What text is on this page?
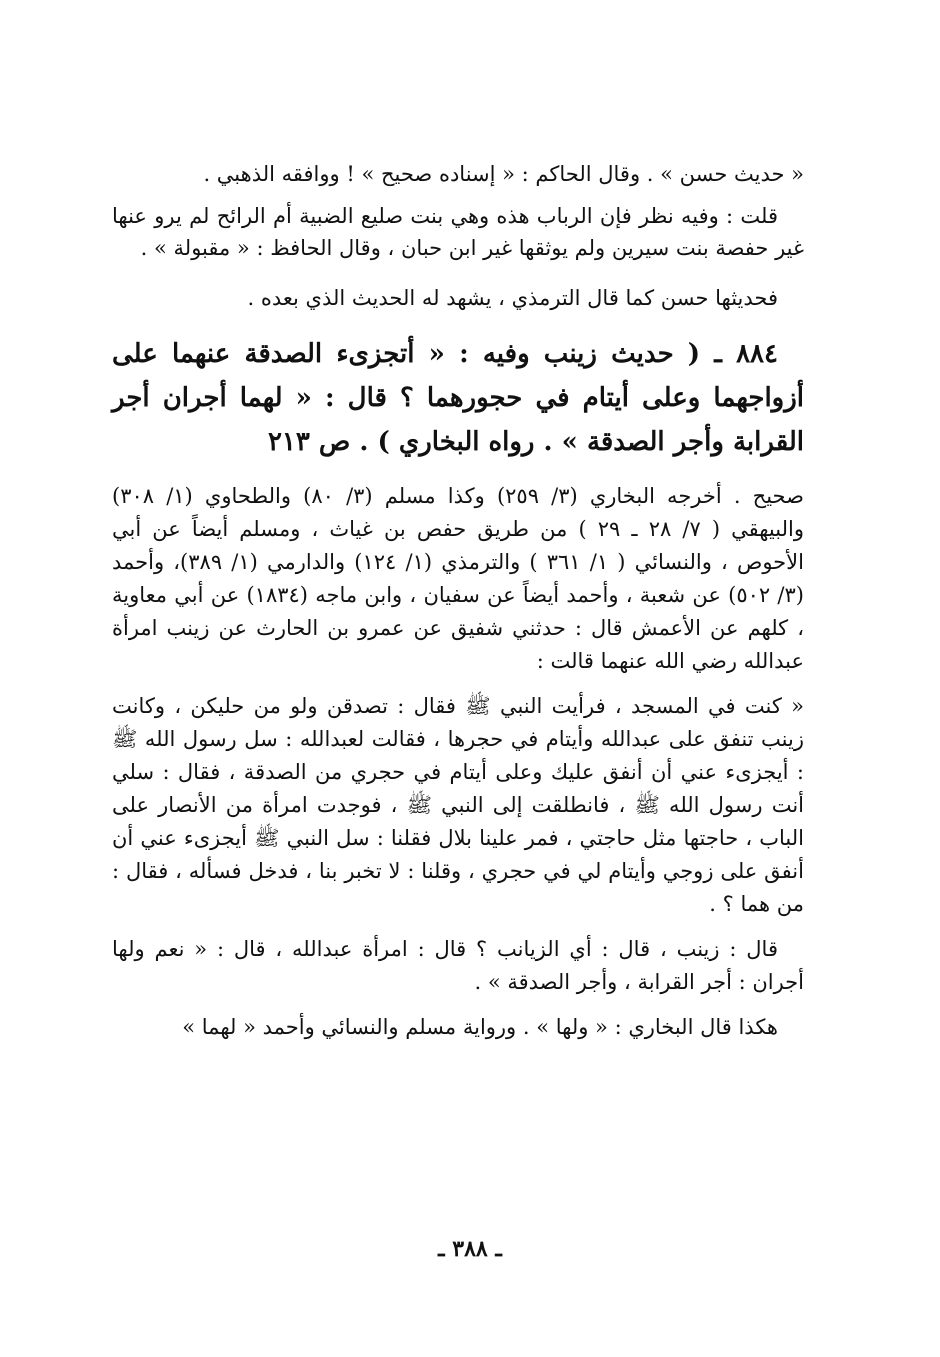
« حديث حسن » . وقال الحاكم : « إسناده صحيح » ! ووافقه الذهبي .

قلت : وفيه نظر فإن الرباب هذه وهي بنت صليع الضبية أم الرائح لم يرو عنها غير حفصة بنت سيرين ولم يوثقها غير ابن حبان ، وقال الحافظ : « مقبولة » .

فحديثها حسن كما قال الترمذي ، يشهد له الحديث الذي بعده .

٨٨٤ ـ ( حديث زينب وفيه : « أتجزىء الصدقة عنهما على أزواجهما وعلى أيتام في حجورهما ؟ قال : « لهما أجران أجر القرابة وأجر الصدقة » . رواه البخاري ) . ص ٢١٣

صحيح . أخرجه البخاري (٣/ ٢٥٩) وكذا مسلم (٣/ ٨٠) والطحاوي (١/ ٣٠٨) والبيهقي ( ٧/ ٢٨ ـ ٢٩ ) من طريق حفص بن غياث ، ومسلم أيضاً عن أبي الأحوص ، والنسائي ( ١/ ٣٦١ ) والترمذي (١/ ١٢٤) والدارمي (١/ ٣٨٩)، وأحمد (٣/ ٥٠٢) عن شعبة ، وأحمد أيضاً عن سفيان ، وابن ماجه (١٨٣٤) عن أبي معاوية ، كلهم عن الأعمش قال : حدثني شفيق عن عمرو بن الحارث عن زينب امرأة عبدالله رضي الله عنهما قالت :

« كنت في المسجد ، فرأيت النبي ﷺ فقال : تصدقن ولو من حليكن ، وكانت زينب تنفق على عبدالله وأيتام في حجرها ، فقالت لعبدالله : سل رسول الله ﷺ : أيجزىء عني أن أنفق عليك وعلى أيتام في حجري من الصدقة ، فقال : سلي أنت رسول الله ﷺ ، فانطلقت إلى النبي ﷺ ، فوجدت امرأة من الأنصار على الباب ، حاجتها مثل حاجتي ، فمر علينا بلال فقلنا : سل النبي ﷺ أيجزىء عني أن أنفق على زوجي وأيتام لي في حجري ، وقلنا : لا تخبر بنا ، فدخل فسأله ، فقال : من هما ؟ .

قال : زينب ، قال : أي الزيانب ؟ قال : امرأة عبدالله ، قال : « نعم ولها أجران : أجر القرابة ، وأجر الصدقة » .

هكذا قال البخاري : « ولها » . ورواية مسلم والنسائي وأحمد « لهما »

ـ ٣٨٨ ـ
